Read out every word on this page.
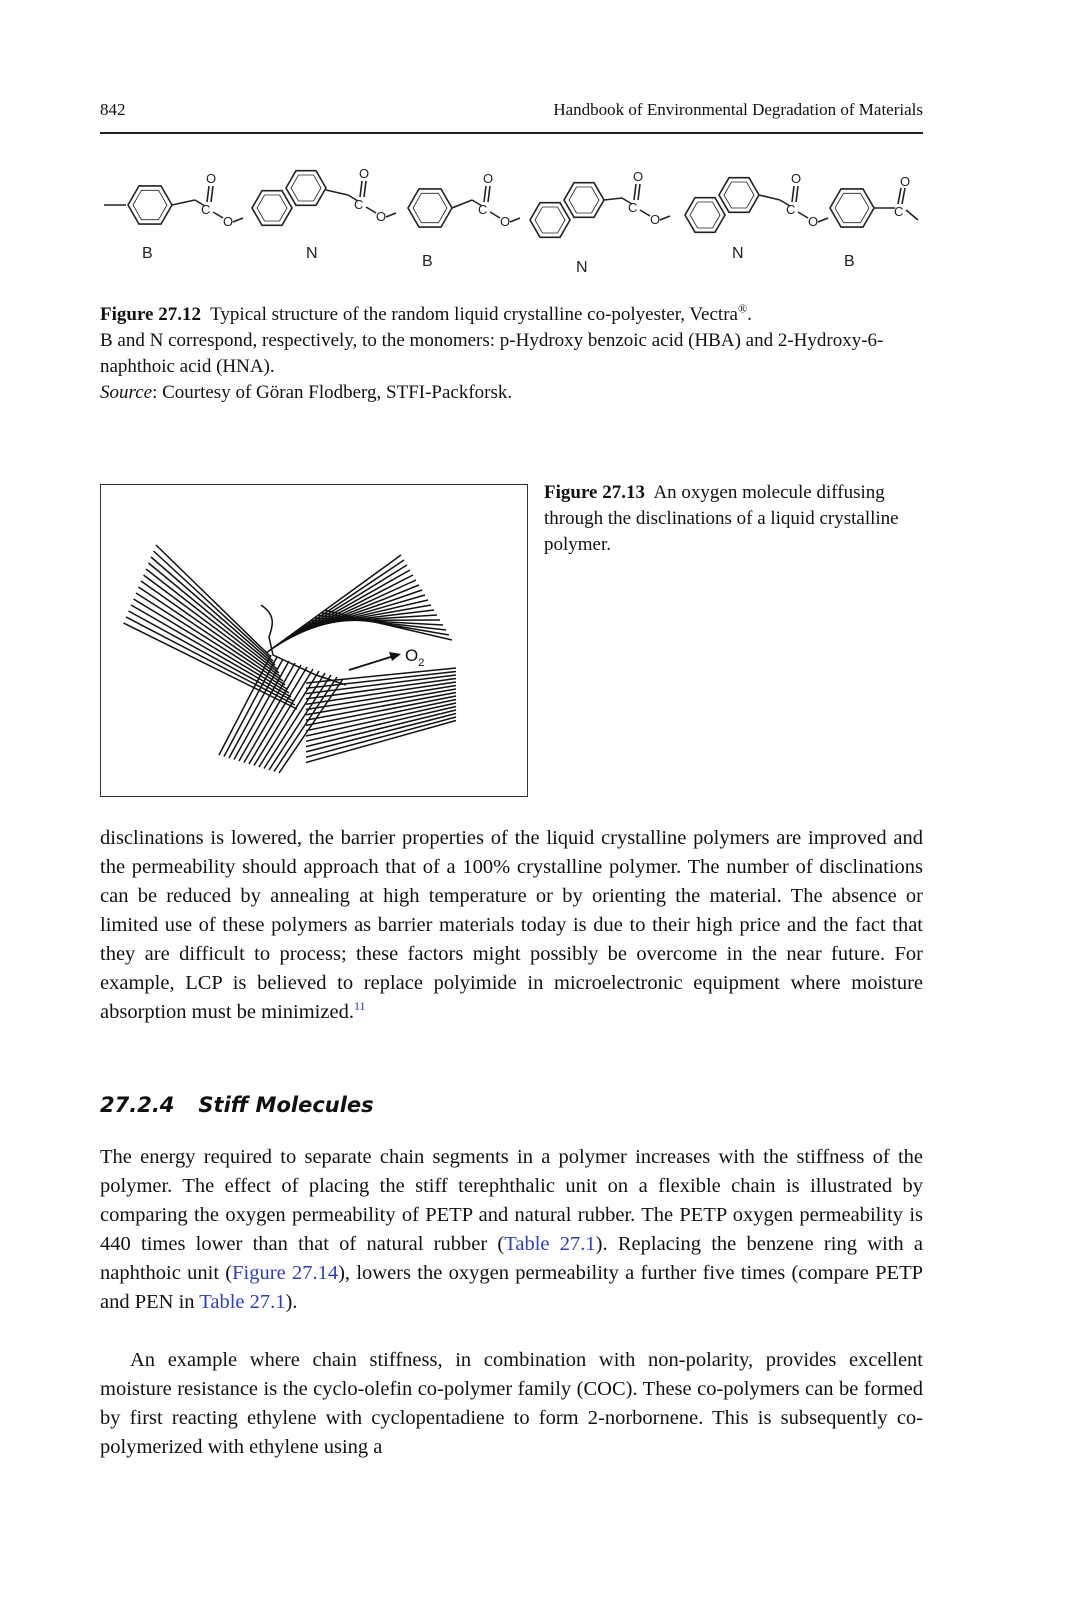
842	Handbook of Environmental Degradation of Materials
C
O
O
C
O
O	C
O
O
C
O
O
C
O
O
C
O
B	N	B	N
N	B
Figure 27.12 Typical structure of the random liquid crystalline co-polyester, Vectra®.
B and N correspond, respectively, to the monomers: p-Hydroxy benzoic acid (HBA) and 2-Hydroxy-6-naphthoic acid (HNA).
Source: Courtesy of Göran Flodberg, STFI-Packforsk.
$O_2$
Figure 27.13 An oxygen molecule diffusing through the disclinations of a liquid crystalline polymer.
disclinations is lowered, the barrier properties of the liquid crystalline polymers are improved and the permeability should approach that of a 100% crystalline polymer. The number of disclinations can be reduced by annealing at high temperature or by orienting the material. The absence or limited use of these polymers as barrier materials today is due to their high price and the fact that they are difficult to process; these factors might possibly be overcome in the near future. For example, LCP is believed to replace polyimide in microelectronic equipment where moisture absorption must be minimized.$^{11}$
27.2.4 Stiff Molecules
The energy required to separate chain segments in a polymer increases with the stiffness of the polymer. The effect of placing the stiff terephthalic unit on a flexible chain is illustrated by comparing the oxygen permeability of PETP and natural rubber. The PETP oxygen permeability is 440 times lower than that of natural rubber (Table 27.1). Replacing the benzene ring with a naphthoic unit (Figure 27.14), lowers the oxygen permeability a further five times (compare PETP and PEN in Table 27.1).
An example where chain stiffness, in combination with non-polarity, provides excellent moisture resistance is the cyclo-olefin co-polymer family (COC). These co-polymers can be formed by first reacting ethylene with cyclopentadiene to form 2-norbornene. This is subsequently co-polymerized with ethylene using a
